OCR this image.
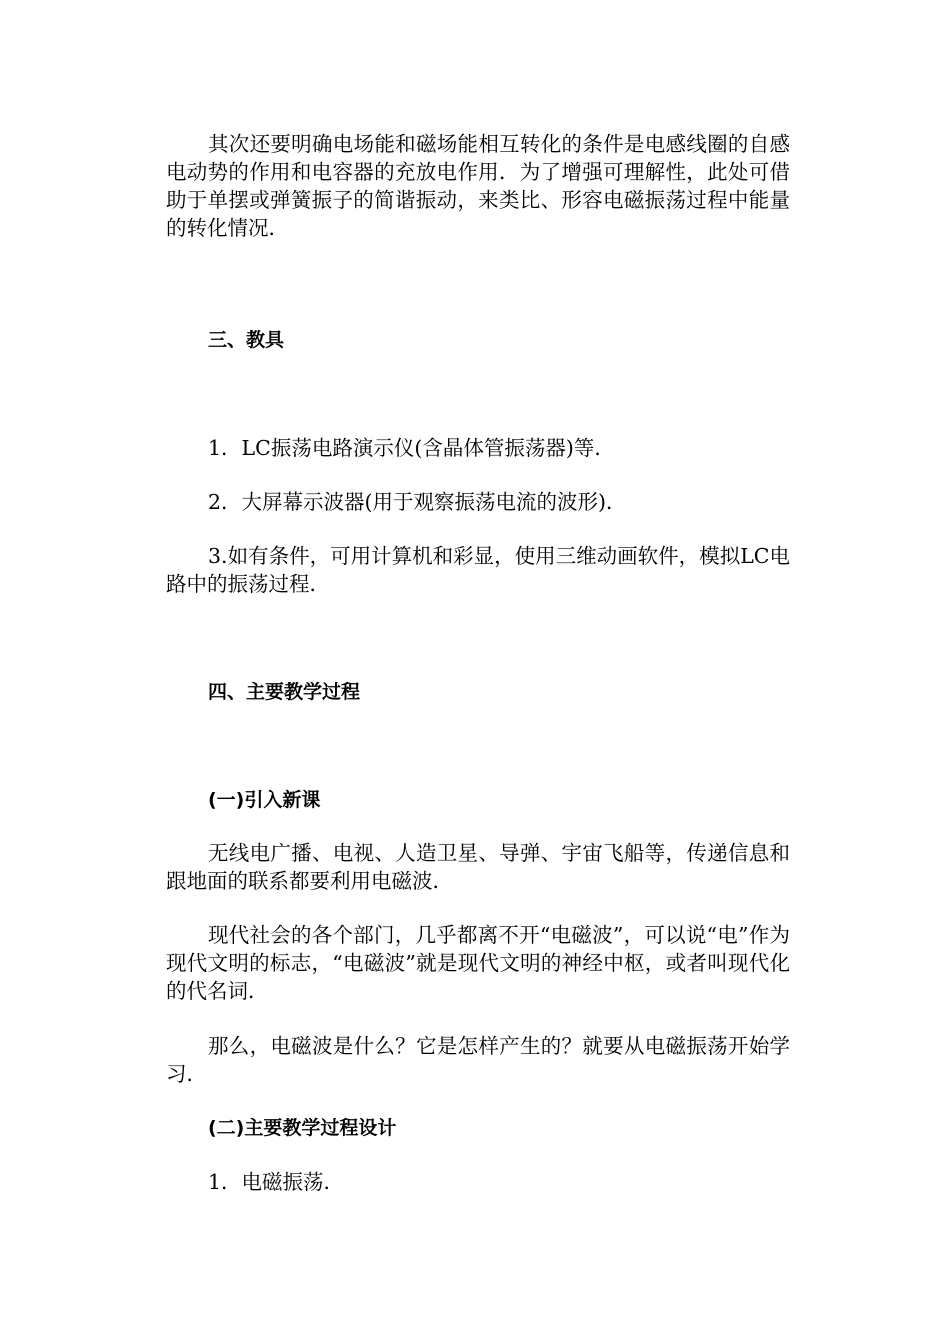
其次还要明确电场能和磁场能相互转化的条件是电感线圈的自感电动势的作用和电容器的充放电作用．为了增强可理解性，此处可借助于单摆或弹簧振子的简谐振动，来类比、形容电磁振荡过程中能量的转化情况．

三、教具

1．LC振荡电路演示仪(含晶体管振荡器)等．

2．大屏幕示波器(用于观察振荡电流的波形)．

3.如有条件，可用计算机和彩显，使用三维动画软件，模拟LC电路中的振荡过程．

四、主要教学过程
(一)引入新课

无线电广播、电视、人造卫星、导弹、宇宙飞船等，传递信息和跟地面的联系都要利用电磁波．

现代社会的各个部门，几乎都离不开“电磁波”，可以说“电”作为现代文明的标志，“电磁波”就是现代文明的神经中枢，或者叫现代化的代名词．

那么，电磁波是什么？它是怎样产生的？就要从电磁振荡开始学习．

(二)主要教学过程设计

1．电磁振荡．
